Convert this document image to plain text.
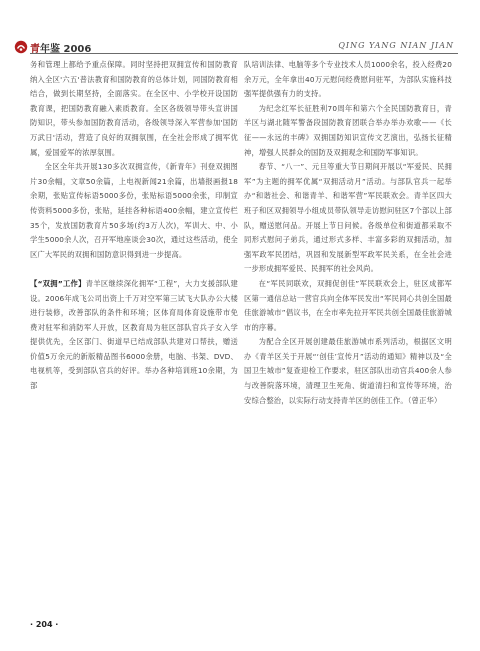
青年鉴 2006	QING YANG NIAN JIAN

务和管理上都给予重点保障。同时坚持把双拥宣传和国防教育纳入全区'六五'普法教育和国防教育的总体计划，同国防教育相结合，做到长期坚持，全面落实。在全区中、小学校开设国防教育课，把国防教育融入素质教育。全区各级领导带头宣讲国防知识，带头参加国防教育活动，各级领导深入军营参加'国防万武日'活动，营造了良好的双拥氛围，在全社会形成了拥军优属，爱国爱军的浓厚氛围。

全区全年共开展130多次双拥宣传，《新青年》刊登双拥图片30余幅，文章50余篇，上电视新闻21余篇，出墙报画报18余期，张贴宣传标语5000多份，张贴标语5000余张，印制宣传资料5000多份，张贴，延挂各种标语400余幅，建立宣传栏35个，发放国防教育片50多场(约3万人次)，军训大、中、小学生5000余人次，召开军地座谈会30次，通过这些活动，使全区广大军民的双拥和国防意识得到进一步提高。

【“双拥”工作】青羊区继续深化拥军“工程”，大力支援部队建设。2006年成飞公司出资上千万对空军第三试飞大队办公大楼进行装修，改善部队的条件和环境；区体育局体育设施带市免费对驻军和消防军人开放，区教育局为驻区部队官兵子女入学提供优先，全区部门、街道早已结成部队共建对口帮扶，赠送价值5万余元的新版精品图书6000余册，电脑、书架、DVD、电视机等，受到部队官兵的好评。举办各种培训班10余期，为部

队培训法律、电脑等多个专业技术人员1000余名，投入经费20余万元，全年拿出40万元慰问经费慰问驻军，为部队实施科技强军提供强有力的支持。

为纪念红军长征胜利70周年和第六个全民国防教育日，青羊区与湖北随军警备段国防教育团联合举办举办欢歌——《长征——永远的丰碑》双拥国防知识宣传文艺演出，弘扬长征精神，增强人民群众的国防及双拥观念和国防军事知识。

春节、“八一”、元旦等重大节日期间开展以“军爱民、民拥军”为主题的拥军优属“双拥活动月”活动。与部队官兵一起举办“和谐社会、和谐青羊、和谐军营”军民联欢会。青羊区四大班子和区双拥领导小组成员带队领导走访慰问驻区7个部以上部队，赠送慰问品。开展上节日问候。各级单位和街道都采取不同形式慰问子弟兵，通过形式多样、丰富多彩的双拥活动，加强军政军民团结，巩固和发展新型军政军民关系，在全社会进一步形成拥军爱民、民拥军的社会风尚。

在“军民同联欢，双拥促创佳”军民联欢会上，驻区成都军区第一通信总站一营官兵向全体军民发出“军民同心共创全国最佳旅游城市”倡议书，在全市率先拉开军民共创全国最佳旅游城市的序幕。

为配合全区开展创建最佳旅游城市系列活动，根据区文明办《青羊区关于开展“‘创佳’宣传月”活动的通知》精神以及“全国卫生城市”复查迎检工作要求，驻区部队出动官兵400余人参与改善院落环境，清理卫生死角、街道清扫和宣传等环境，治安综合整治，以实际行动支持青羊区的创佳工作。（曾正华）

· 204 ·
